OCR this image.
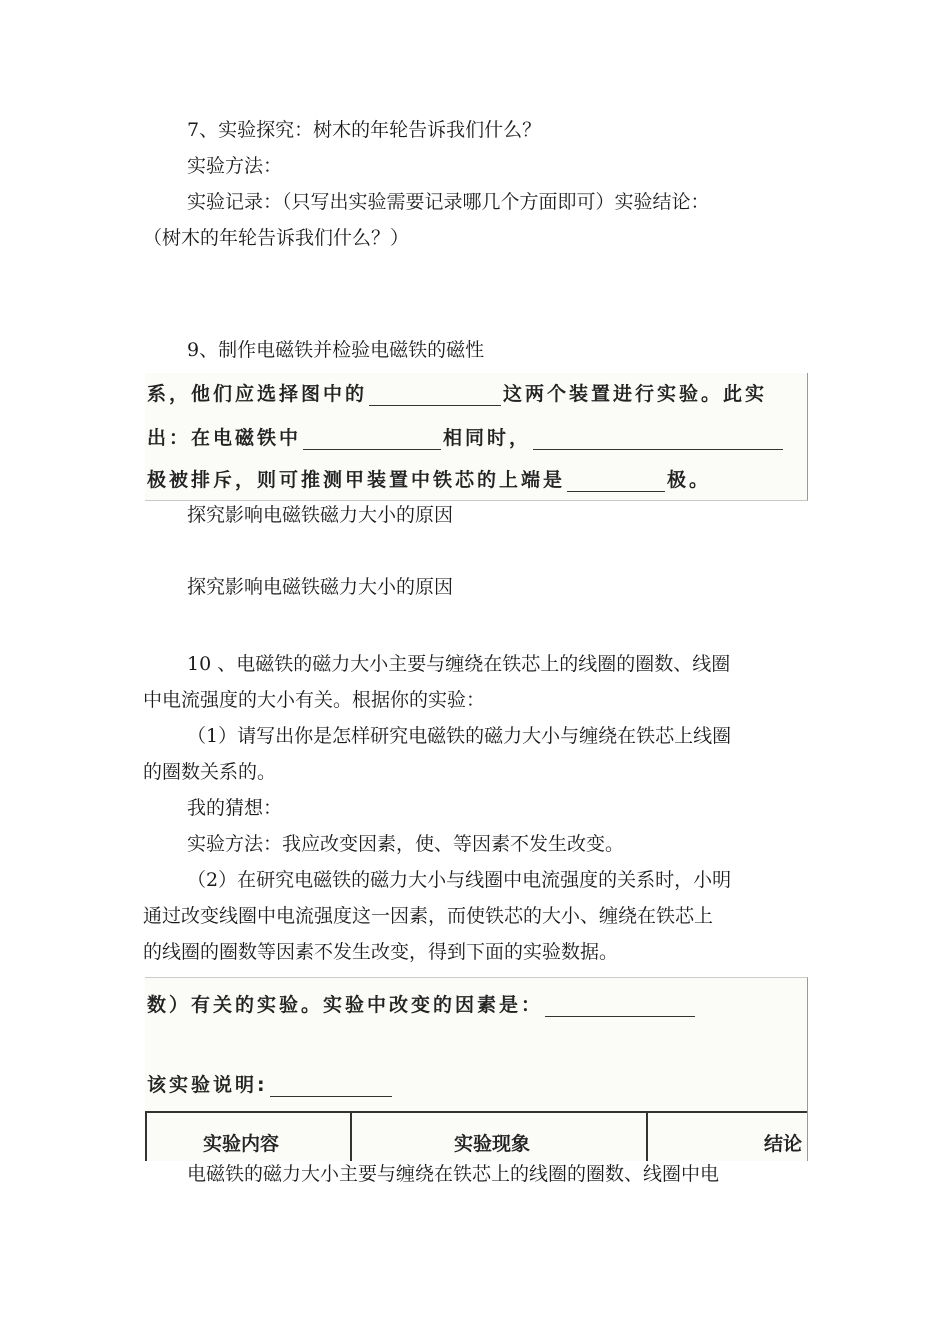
7、实验探究：树木的年轮告诉我们什么？
实验方法：
实验记录：（只写出实验需要记录哪几个方面即可）实验结论：
（树木的年轮告诉我们什么？）
9、制作电磁铁并检验电磁铁的磁性
系，他们应选择图中的	这两个装置进行实验。此实
出：在电磁铁中	相同时，
极被排斥，则可推测甲装置中铁芯的上端是	极。
探究影响电磁铁磁力大小的原因
探究影响电磁铁磁力大小的原因
10 、电磁铁的磁力大小主要与缠绕在铁芯上的线圈的圈数、线圈
中电流强度的大小有关。根据你的实验：
（1）请写出你是怎样研究电磁铁的磁力大小与缠绕在铁芯上线圈
的圈数关系的。
我的猜想：
实验方法：我应改变因素，使、等因素不发生改变。
（2）在研究电磁铁的磁力大小与线圈中电流强度的关系时，小明
通过改变线圈中电流强度这一因素，而使铁芯的大小、缠绕在铁芯上
的线圈的圈数等因素不发生改变，得到下面的实验数据。
数）有关的实验。实验中改变的因素是：
该实验说明:
实验内容	实验现象	结论
电磁铁的磁力大小主要与缠绕在铁芯上的线圈的圈数、线圈中电
